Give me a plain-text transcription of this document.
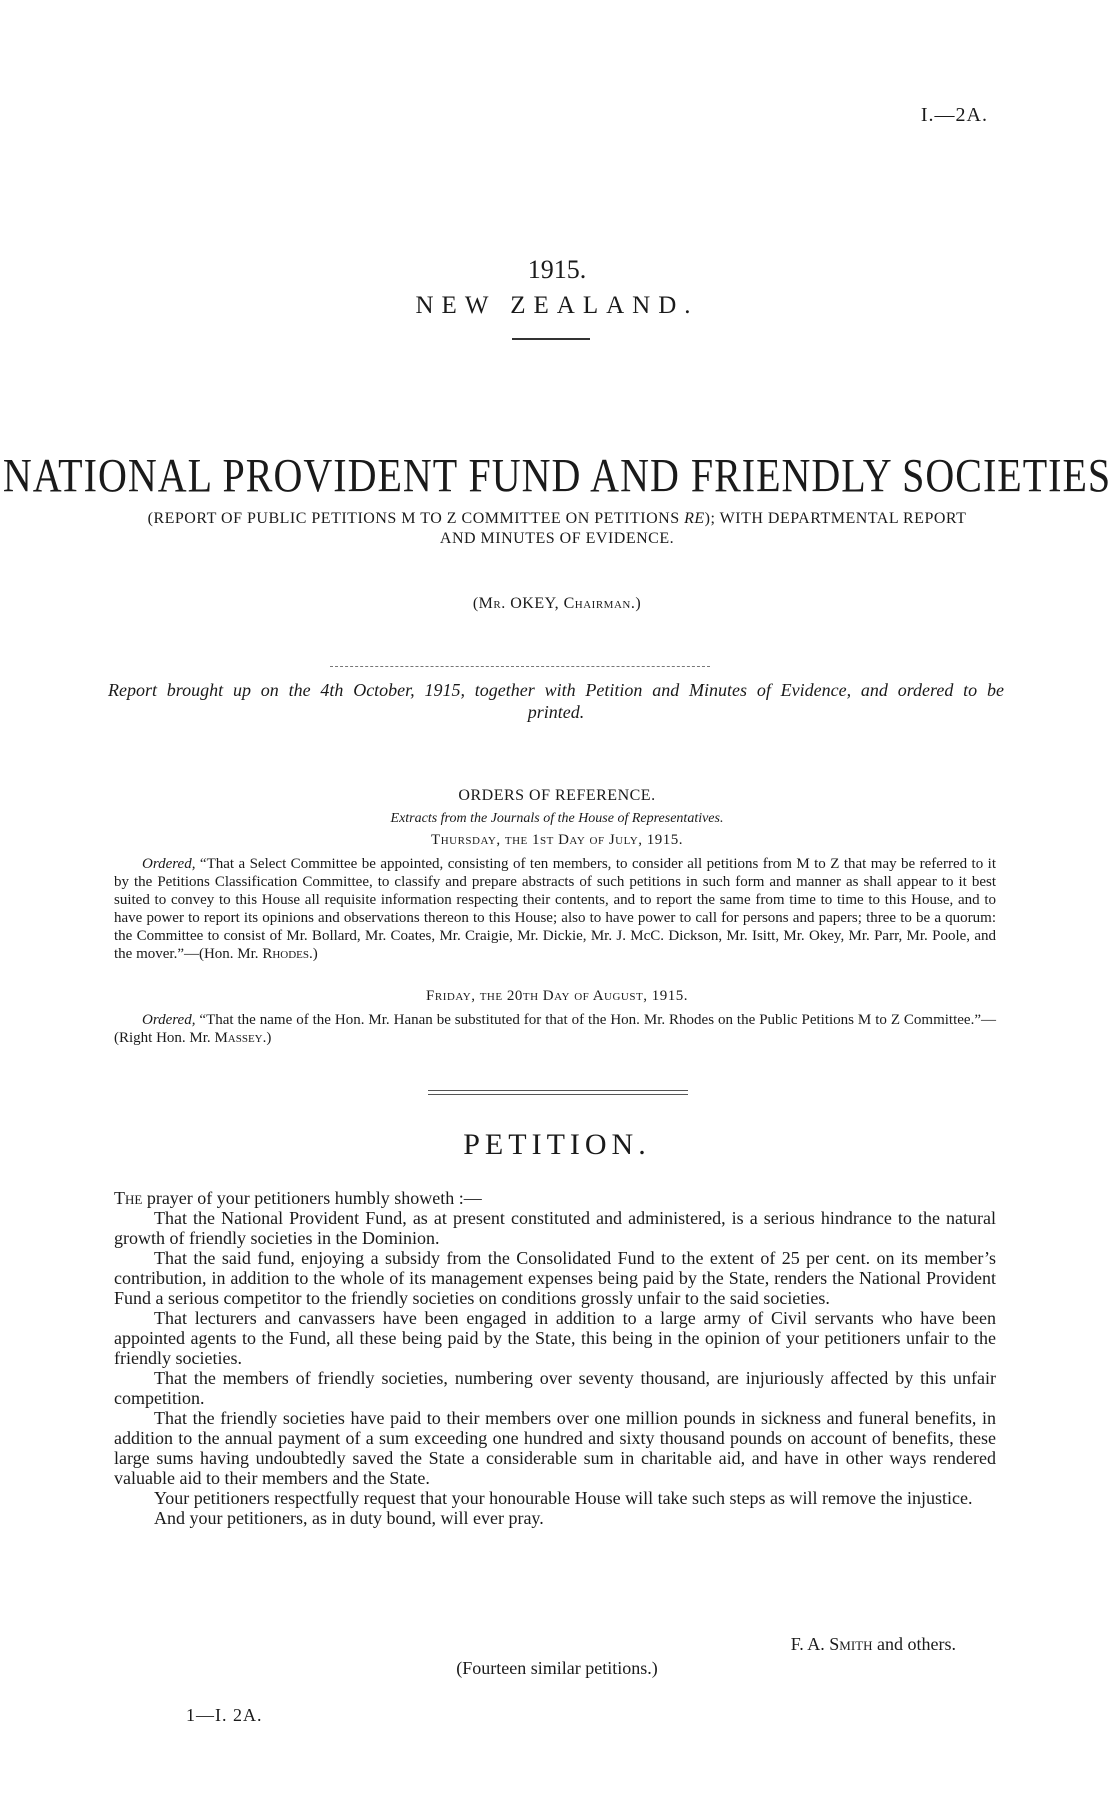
I.—2A.
1915.
NEW ZEALAND.
NATIONAL PROVIDENT FUND AND FRIENDLY SOCIETIES
(REPORT OF PUBLIC PETITIONS M TO Z COMMITTEE ON PETITIONS RE); WITH DEPARTMENTAL REPORT AND MINUTES OF EVIDENCE.
(Mr. OKEY, Chairman.)
Report brought up on the 4th October, 1915, together with Petition and Minutes of Evidence, and ordered to be printed.
ORDERS OF REFERENCE.
Extracts from the Journals of the House of Representatives.
Thursday, the 1st Day of July, 1915.
Ordered, “That a Select Committee be appointed, consisting of ten members, to consider all petitions from M to Z that may be referred to it by the Petitions Classification Committee, to classify and prepare abstracts of such petitions in such form and manner as shall appear to it best suited to convey to this House all requisite information respecting their contents, and to report the same from time to time to this House, and to have power to report its opinions and observations thereon to this House; also to have power to call for persons and papers; three to be a quorum: the Committee to consist of Mr. Bollard, Mr. Coates, Mr. Craigie, Mr. Dickie, Mr. J. McC. Dickson, Mr. Isitt, Mr. Okey, Mr. Parr, Mr. Poole, and the mover.”—(Hon. Mr. Rhodes.)
Friday, the 20th Day of August, 1915.
Ordered, “That the name of the Hon. Mr. Hanan be substituted for that of the Hon. Mr. Rhodes on the Public Petitions M to Z Committee.”—(Right Hon. Mr. Massey.)
PETITION.
The prayer of your petitioners humbly showeth :—
That the National Provident Fund, as at present constituted and administered, is a serious hindrance to the natural growth of friendly societies in the Dominion.
That the said fund, enjoying a subsidy from the Consolidated Fund to the extent of 25 per cent. on its member’s contribution, in addition to the whole of its management expenses being paid by the State, renders the National Provident Fund a serious competitor to the friendly societies on conditions grossly unfair to the said societies.
That lecturers and canvassers have been engaged in addition to a large army of Civil servants who have been appointed agents to the Fund, all these being paid by the State, this being in the opinion of your petitioners unfair to the friendly societies.
That the members of friendly societies, numbering over seventy thousand, are injuriously affected by this unfair competition.
That the friendly societies have paid to their members over one million pounds in sickness and funeral benefits, in addition to the annual payment of a sum exceeding one hundred and sixty thousand pounds on account of benefits, these large sums having undoubtedly saved the State a considerable sum in charitable aid, and have in other ways rendered valuable aid to their members and the State.
Your petitioners respectfully request that your honourable House will take such steps as will remove the injustice.
And your petitioners, as in duty bound, will ever pray.
F. A. Smith and others.
(Fourteen similar petitions.)
1—I. 2A.
